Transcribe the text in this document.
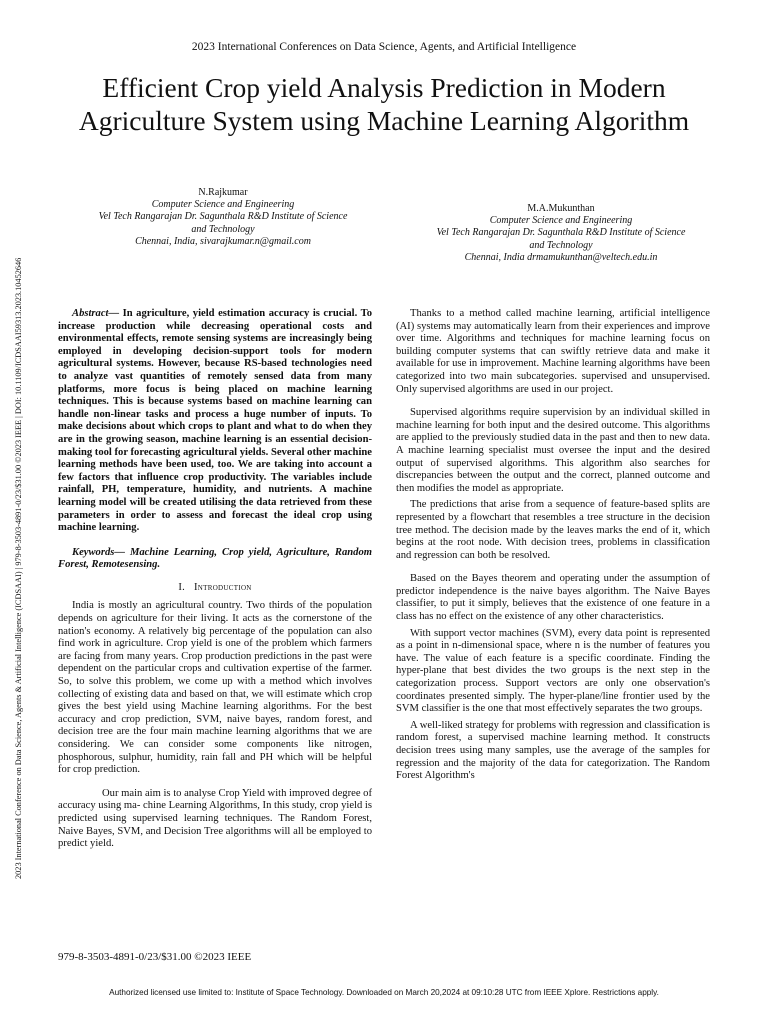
2023 International Conferences on Data Science, Agents, and Artificial Intelligence
Efficient Crop yield Analysis Prediction in Modern Agriculture System using Machine Learning Algorithm
2023 International Conference on Data Science, Agents & Artificial Intelligence (ICDSAAI) | 979-8-3503-4891-0/23/$31.00 ©2023 IEEE | DOI: 10.1109/ICDSAAI59313.2023.10452646
N.Rajkumar
Computer Science and Engineering
Vel Tech Rangarajan Dr. Sagunthala R&D Institute of Science
and Technology
Chennai, India, sivarajkumar.n@gmail.com
M.A.Mukunthan
Computer Science and Engineering
Vel Tech Rangarajan Dr. Sagunthala R&D Institute of Science
and Technology
Chennai, India drmamukunthan@veltech.edu.in

Abstract— In agriculture, yield estimation accuracy is crucial. To increase production while decreasing operational costs and environmental effects, remote sensing systems are increasingly being employed in developing decision-support tools for modern agricultural systems. However, because RS-based technologies need to analyze vast quantities of remotely sensed data from many platforms, more focus is being placed on machine learning techniques. This is because systems based on machine learning can handle non-linear tasks and process a huge number of inputs. To make decisions about which crops to plant and what to do when they are in the growing season, machine learning is an essential decision-making tool for forecasting agricultural yields. Several other machine learning methods have been used, too. We are taking into account a few factors that influence crop productivity. The variables include rainfall, PH, temperature, humidity, and nutrients. A machine learning model will be created utilising the data retrieved from these parameters in order to assess and forecast the ideal crop using machine learning.

Keywords— Machine Learning, Crop yield, Agriculture, Random Forest, Remotesensing.

I. Introduction

India is mostly an agricultural country. Two thirds of the population depends on agriculture for their living. It acts as the cornerstone of the nation's economy. A relatively big percentage of the population can also find work in agriculture. Crop yield is one of the problem which farmers are facing from many years. Crop production predictions in the past were dependent on the particular crops and cultivation expertise of the farmer. So, to solve this problem, we come up with a method which involves collecting of existing data and based on that, we will estimate which crop gives the best yield using Machine learning algorithms. For the best accuracy and crop prediction, SVM, naive bayes, random forest, and decision tree are the four main machine learning algorithms that we are considering. We can consider some components like nitrogen, phosphorous, sulphur, humidity, rain fall and PH which will be helpful for crop prediction.

Our main aim is to analyse Crop Yield with improved degree of accuracy using ma- chine Learning Algorithms, In this study, crop yield is predicted using supervised learning techniques. The Random Forest, Naive Bayes, SVM, and Decision Tree algorithms will all be employed to predict yield.

Thanks to a method called machine learning, artificial intelligence (AI) systems may automatically learn from their experiences and improve over time. Algorithms and techniques for machine learning focus on building computer systems that can swiftly retrieve data and make it available for use in improvement. Machine learning algorithms have been categorized into two main subcategories. supervised and unsupervised. Only supervised algorithms are used in our project.

Supervised algorithms require supervision by an individual skilled in machine learning for both input and the desired outcome. This algorithms are applied to the previously studied data in the past and then to new data. A machine learning specialist must oversee the input and the desired output of supervised algorithms. This algorithm also searches for discrepancies between the output and the correct, planned outcome and then modifies the model as appropriate.

The predictions that arise from a sequence of feature-based splits are represented by a flowchart that resembles a tree structure in the decision tree method. The decision made by the leaves marks the end of it, which begins at the root node. With decision trees, problems in classification and regression can both be resolved.

Based on the Bayes theorem and operating under the assumption of predictor independence is the naive bayes algorithm. The Naive Bayes classifier, to put it simply, believes that the existence of one feature in a class has no effect on the existence of any other characteristics.

With support vector machines (SVM), every data point is represented as a point in n-dimensional space, where n is the number of features you have. The value of each feature is a specific coordinate. Finding the hyper-plane that best divides the two groups is the next step in the categorization process. Support vectors are only one observation's coordinates presented simply. The hyper-plane/line frontier used by the SVM classifier is the one that most effectively separates the two groups.

A well-liked strategy for problems with regression and classification is random forest, a supervised machine learning method. It constructs decision trees using many samples, use the average of the samples for regression and the majority of the data for categorization. The Random Forest Algorithm's

979-8-3503-4891-0/23/$31.00 ©2023 IEEE
Authorized licensed use limited to: Institute of Space Technology. Downloaded on March 20,2024 at 09:10:28 UTC from IEEE Xplore. Restrictions apply.
